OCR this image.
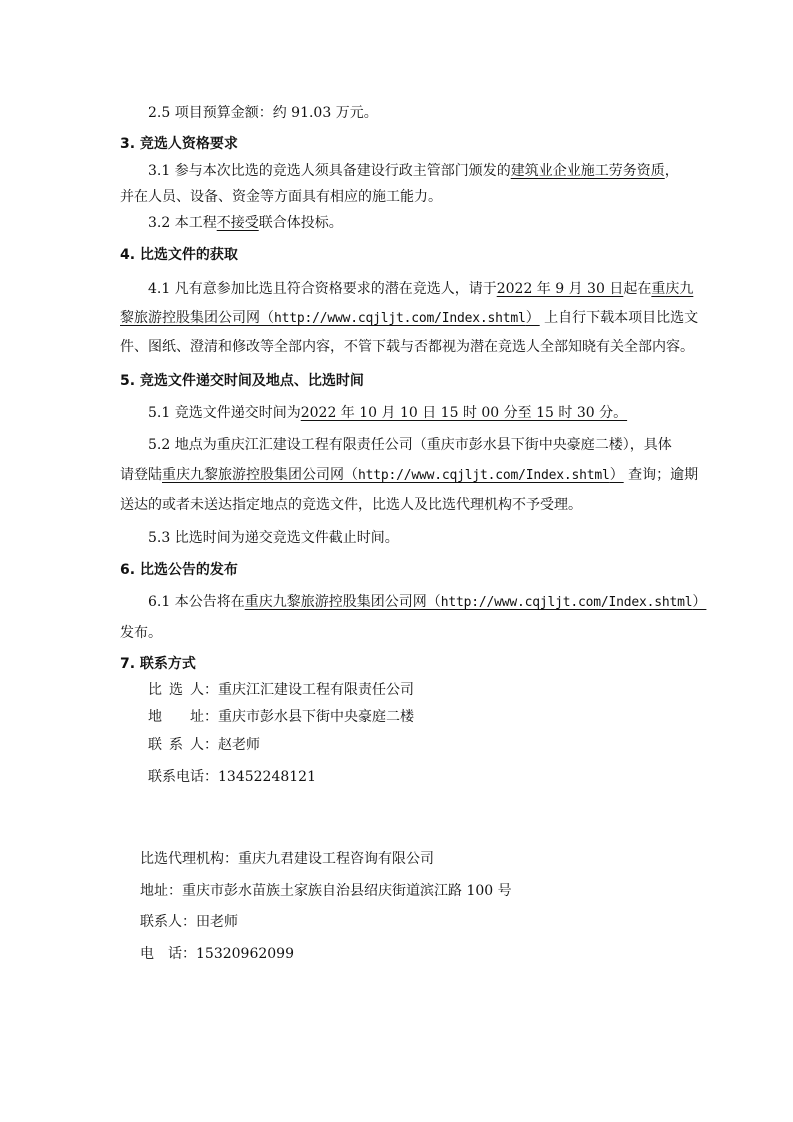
2.5 项目预算金额：约 91.03 万元。
3. 竞选人资格要求
3.1 参与本次比选的竞选人须具备建设行政主管部门颁发的建筑业企业施工劳务资质，
并在人员、设备、资金等方面具有相应的施工能力。
3.2 本工程不接受联合体投标。
4. 比选文件的获取
4.1 凡有意参加比选且符合资格要求的潜在竞选人，请于2022 年 9 月 30 日起在重庆九
黎旅游控股集团公司网（http://www.cqjljt.com/Index.shtml） 上自行下载本项目比选文
件、图纸、澄清和修改等全部内容，不管下载与否都视为潜在竞选人全部知晓有关全部内容。
5. 竞选文件递交时间及地点、比选时间
5.1 竞选文件递交时间为2022 年 10 月 10 日 15 时 00 分至 15 时 30 分。
5.2 地点为重庆江汇建设工程有限责任公司（重庆市彭水县下街中央豪庭二楼），具体
请登陆重庆九黎旅游控股集团公司网（http://www.cqjljt.com/Index.shtml） 查询；逾期
送达的或者未送达指定地点的竞选文件，比选人及比选代理机构不予受理。
5.3 比选时间为递交竞选文件截止时间。
6. 比选公告的发布
6.1 本公告将在重庆九黎旅游控股集团公司网（http://www.cqjljt.com/Index.shtml）
发布。
7. 联系方式
比选人：重庆江汇建设工程有限责任公司
地址：重庆市彭水县下街中央豪庭二楼
联系人：赵老师
联系电话：13452248121
比选代理机构：重庆九君建设工程咨询有限公司
地址：重庆市彭水苗族土家族自治县绍庆街道滨江路 100 号
联系人：田老师
电 话：15320962099
